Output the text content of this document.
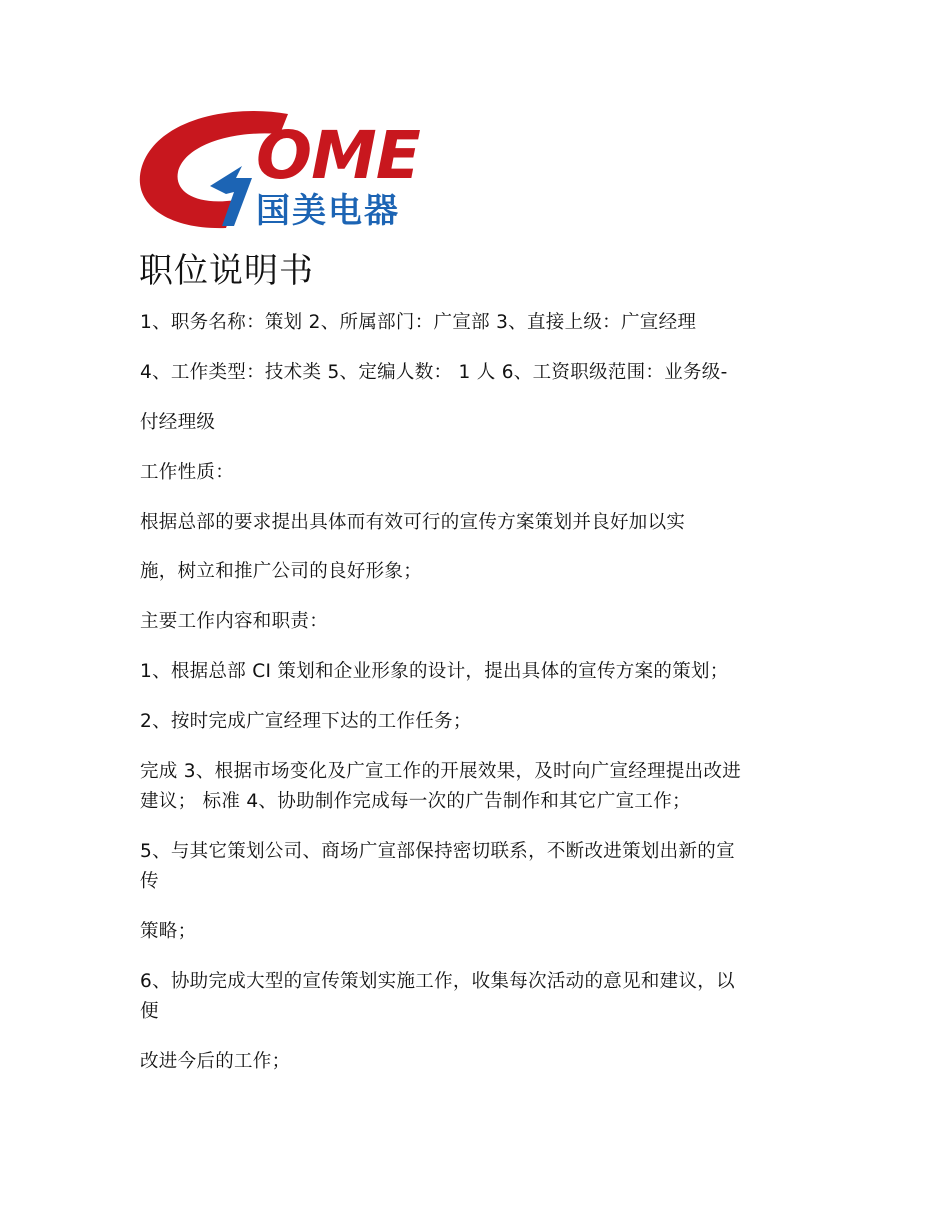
OME
国美电器
职位说明书
1、职务名称：策划 2、所属部门：广宣部 3、直接上级：广宣经理
4、工作类型：技术类 5、定编人数： 1 人 6、工资职级范围：业务级-
付经理级
工作性质：
根据总部的要求提出具体而有效可行的宣传方案策划并良好加以实
施，树立和推广公司的良好形象；
主要工作内容和职责：
1、根据总部 CI 策划和企业形象的设计，提出具体的宣传方案的策划；
2、按时完成广宣经理下达的工作任务；
完成 3、根据市场变化及广宣工作的开展效果，及时向广宣经理提出改进
建议； 标准 4、协助制作完成每一次的广告制作和其它广宣工作；
5、与其它策划公司、商场广宣部保持密切联系，不断改进策划出新的宣
传
策略；
6、协助完成大型的宣传策划实施工作，收集每次活动的意见和建议，以
便
改进今后的工作；
